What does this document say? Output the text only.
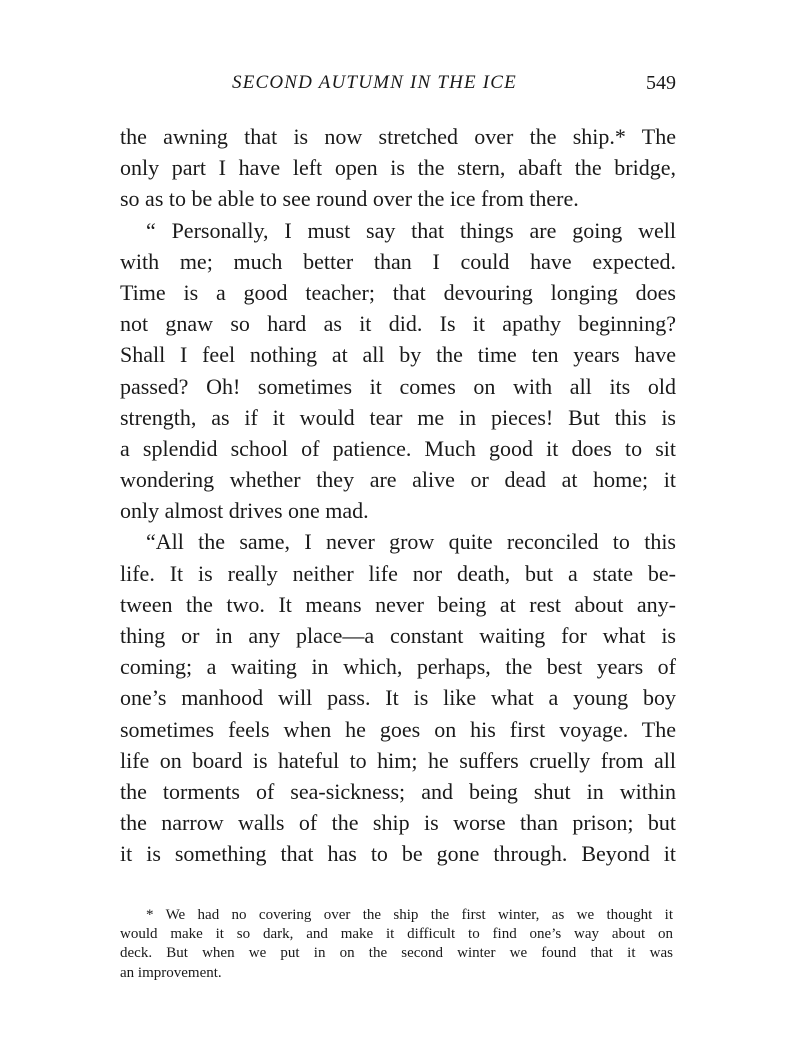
SECOND AUTUMN IN THE ICE	549
the awning that is now stretched over the ship.* The
only part I have left open is the stern, abaft the bridge,
so as to be able to see round over the ice from there.
“ Personally, I must say that things are going well
with me; much better than I could have expected.
Time is a good teacher; that devouring longing does
not gnaw so hard as it did. Is it apathy beginning?
Shall I feel nothing at all by the time ten years have
passed? Oh! sometimes it comes on with all its old
strength, as if it would tear me in pieces! But this is
a splendid school of patience. Much good it does to sit
wondering whether they are alive or dead at home; it
only almost drives one mad.
“All the same, I never grow quite reconciled to this
life. It is really neither life nor death, but a state be-
tween the two. It means never being at rest about any-
thing or in any place—a constant waiting for what is
coming; a waiting in which, perhaps, the best years of
one’s manhood will pass. It is like what a young boy
sometimes feels when he goes on his first voyage. The
life on board is hateful to him; he suffers cruelly from all
the torments of sea-sickness; and being shut in within
the narrow walls of the ship is worse than prison; but
it is something that has to be gone through. Beyond it
* We had no covering over the ship the first winter, as we thought it
would make it so dark, and make it difficult to find one’s way about on
deck. But when we put in on the second winter we found that it was
an improvement.
